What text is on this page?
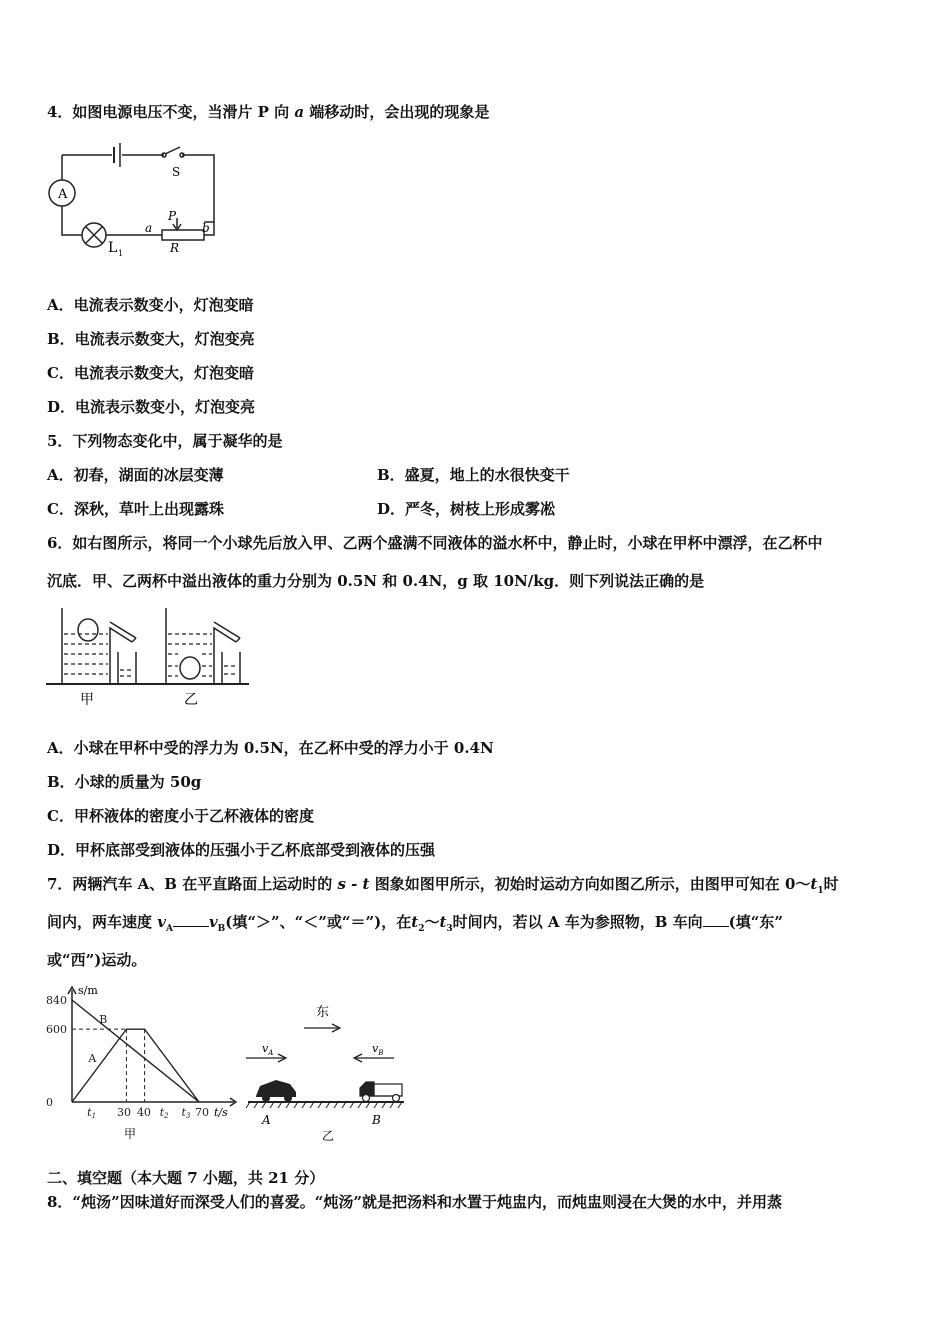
4．如图电源电压不变，当滑片 P 向 a 端移动时，会出现的现象是
A
S
L 1
a
P
b
R
A．电流表示数变小，灯泡变暗
B．电流表示数变大，灯泡变亮
C．电流表示数变大，灯泡变暗
D．电流表示数变小，灯泡变亮
5．下列物态变化中，属于凝华的是
A．初春，湖面的冰层变薄	B．盛夏，地上的水很快变干
C．深秋，草叶上出现露珠	D．严冬，树枝上形成雾凇
6．如右图所示，将同一个小球先后放入甲、乙两个盛满不同液体的溢水杯中，静止时，小球在甲杯中漂浮，在乙杯中
沉底．甲、乙两杯中溢出液体的重力分别为 0.5N 和 0.4N，g 取 10N/kg．则下列说法正确的是
甲	乙
A．小球在甲杯中受的浮力为 0.5N，在乙杯中受的浮力小于 0.4N
B．小球的质量为 50g
C．甲杯液体的密度小于乙杯液体的密度
D．甲杯底部受到液体的压强小于乙杯底部受到液体的压强
7．两辆汽车 A、B 在平直路面上运动时的 s - t 图象如图甲所示，初始时运动方向如图乙所示，由图甲可知在 $0\sim t_1$时
间内，两车速度 $v_A$ $v_B$(填“＞”、“＜”或“＝”)，在$t_2\sim t_3$时间内，若以 A 车为参照物，B 车向 (填“东”
或“西”)运动。
A
B
840
600
0
t1 30 40 t2 t3 70
s/m
t/s
甲
东
$v_A$	$v_B$
A	B
乙
二、填空题（本大题 7 小题，共 21 分）
8．“炖汤”因味道好而深受人们的喜爱。“炖汤”就是把汤料和水置于炖盅内，而炖盅则浸在大煲的水中，并用蒸
